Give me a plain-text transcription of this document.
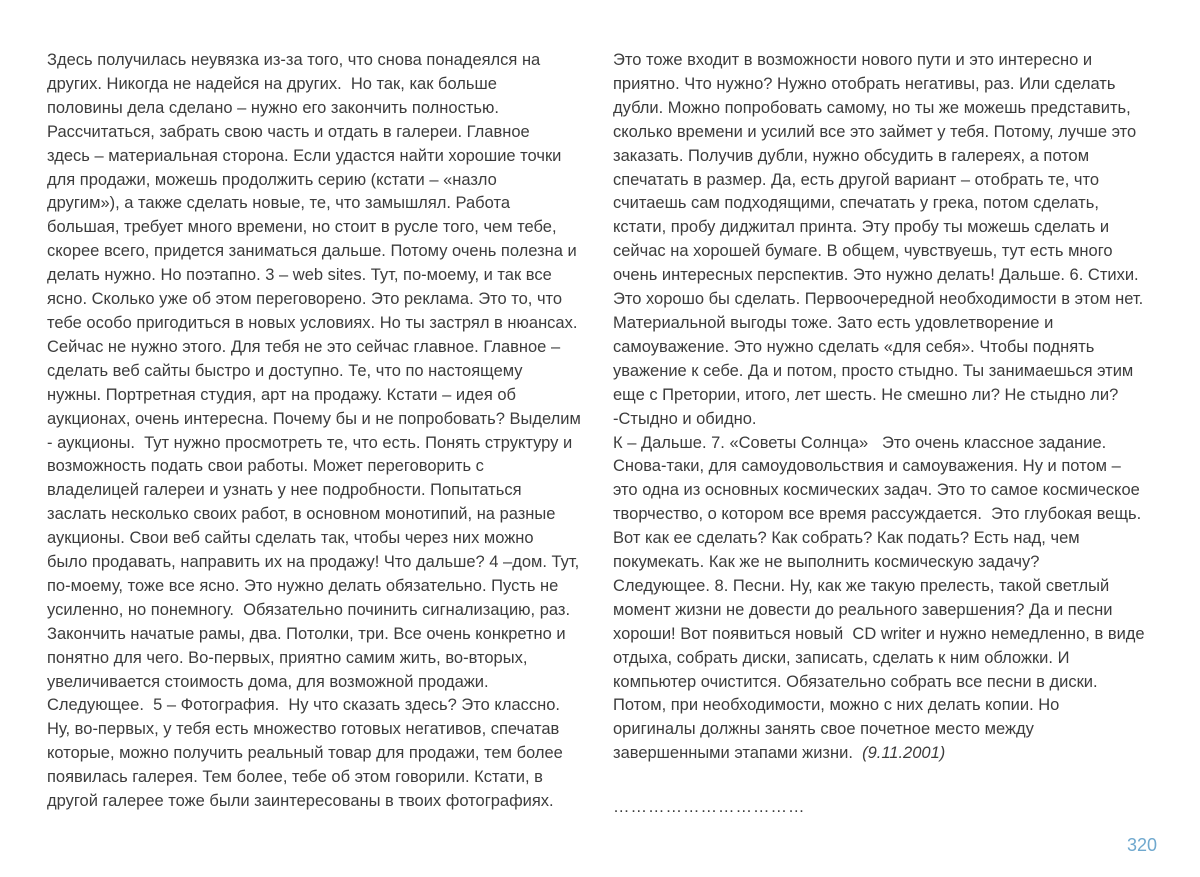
Здесь получилась неувязка из-за того, что снова понадеялся на
других. Никогда не надейся на других.  Но так, как больше
половины дела сделано – нужно его закончить полностью.
Рассчитаться, забрать свою часть и отдать в галереи. Главное
здесь – материальная сторона. Если удастся найти хорошие точки
для продажи, можешь продолжить серию (кстати – «назло
другим»), а также сделать новые, те, что замышлял. Работа
большая, требует много времени, но стоит в русле того, чем тебе,
скорее всего, придется заниматься дальше. Потому очень полезна и
делать нужно. Но поэтапно. 3 – web sites. Тут, по-моему, и так все
ясно. Сколько уже об этом переговорено. Это реклама. Это то, что
тебе особо пригодиться в новых условиях. Но ты застрял в нюансах.
Сейчас не нужно этого. Для тебя не это сейчас главное. Главное –
сделать веб сайты быстро и доступно. Те, что по настоящему
нужны. Портретная студия, арт на продажу. Кстати – идея об
аукционах, очень интересна. Почему бы и не попробовать? Выделим
- аукционы.  Тут нужно просмотреть те, что есть. Понять структуру и
возможность подать свои работы. Может переговорить с
владелицей галереи и узнать у нее подробности. Попытаться
заслать несколько своих работ, в основном монотипий, на разные
аукционы. Свои веб сайты сделать так, чтобы через них можно
было продавать, направить их на продажу! Что дальше? 4 –дом. Тут,
по-моему, тоже все ясно. Это нужно делать обязательно. Пусть не
усиленно, но понемногу.  Обязательно починить сигнализацию, раз.
Закончить начатые рамы, два. Потолки, три. Все очень конкретно и
понятно для чего. Во-первых, приятно самим жить, во-вторых,
увеличивается стоимость дома, для возможной продажи.
Следующее.  5 – Фотография.  Ну что сказать здесь? Это классно.
Ну, во-первых, у тебя есть множество готовых негативов, спечатав
которые, можно получить реальный товар для продажи, тем более
появилась галерея. Тем более, тебе об этом говорили. Кстати, в
другой галерее тоже были заинтересованы в твоих фотографиях.
Это тоже входит в возможности нового пути и это интересно и
приятно. Что нужно? Нужно отобрать негативы, раз. Или сделать
дубли. Можно попробовать самому, но ты же можешь представить,
сколько времени и усилий все это займет у тебя. Потому, лучше это
заказать. Получив дубли, нужно обсудить в галереях, а потом
спечатать в размер. Да, есть другой вариант – отобрать те, что
считаешь сам подходящими, спечатать у грека, потом сделать,
кстати, пробу диджитал принта. Эту пробу ты можешь сделать и
сейчас на хорошей бумаге. В общем, чувствуешь, тут есть много
очень интересных перспектив. Это нужно делать! Дальше. 6. Стихи.
Это хорошо бы сделать. Первоочередной необходимости в этом нет.
Материальной выгоды тоже. Зато есть удовлетворение и
самоуважение. Это нужно сделать «для себя». Чтобы поднять
уважение к себе. Да и потом, просто стыдно. Ты занимаешься этим
еще с Претории, итого, лет шесть. Не смешно ли? Не стыдно ли?
-Стыдно и обидно.
К – Дальше. 7. «Советы Солнца»   Это очень классное задание.
Снова-таки, для самоудовольствия и самоуважения. Ну и потом –
это одна из основных космических задач. Это то самое космическое
творчество, о котором все время рассуждается.  Это глубокая вещь.
Вот как ее сделать? Как собрать? Как подать? Есть над, чем
покумекать. Как же не выполнить космическую задачу?
Следующее. 8. Песни. Ну, как же такую прелесть, такой светлый
момент жизни не довести до реального завершения? Да и песни
хороши! Вот появиться новый  CD writer и нужно немедленно, в виде
отдыха, собрать диски, записать, сделать к ним обложки. И
компьютер очистится. Обязательно собрать все песни в диски.
Потом, при необходимости, можно с них делать копии. Но
оригиналы должны занять свое почетное место между
завершенными этапами жизни.  (9.11.2001)
……………………………
320
